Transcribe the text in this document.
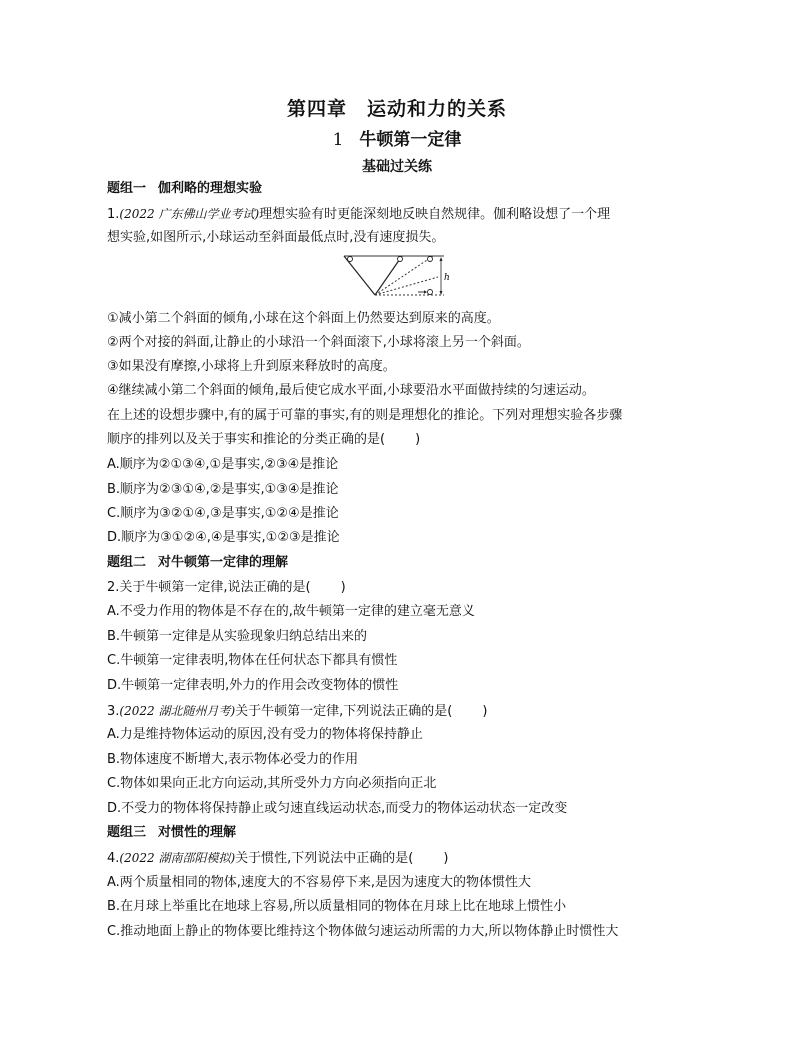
第四章 运动和力的关系
1 牛顿第一定律
基础过关练
题组一 伽利略的理想实验
1.(2022 广东佛山学业考试)理想实验有时更能深刻地反映自然规律。伽利略设想了一个理
想实验,如图所示,小球运动至斜面最低点时,没有速度损失。
h
①减小第二个斜面的倾角,小球在这个斜面上仍然要达到原来的高度。
②两个对接的斜面,让静止的小球沿一个斜面滚下,小球将滚上另一个斜面。
③如果没有摩擦,小球将上升到原来释放时的高度。
④继续减小第二个斜面的倾角,最后使它成水平面,小球要沿水平面做持续的匀速运动。
在上述的设想步骤中,有的属于可靠的事实,有的则是理想化的推论。下列对理想实验各步骤
顺序的排列以及关于事实和推论的分类正确的是( )
A.顺序为②①③④,①是事实,②③④是推论
B.顺序为②③①④,②是事实,①③④是推论
C.顺序为③②①④,③是事实,①②④是推论
D.顺序为③①②④,④是事实,①②③是推论
题组二 对牛顿第一定律的理解
2.关于牛顿第一定律,说法正确的是( )
A.不受力作用的物体是不存在的,故牛顿第一定律的建立毫无意义
B.牛顿第一定律是从实验现象归纳总结出来的
C.牛顿第一定律表明,物体在任何状态下都具有惯性
D.牛顿第一定律表明,外力的作用会改变物体的惯性
3.(2022 湖北随州月考)关于牛顿第一定律,下列说法正确的是( )
A.力是维持物体运动的原因,没有受力的物体将保持静止
B.物体速度不断增大,表示物体必受力的作用
C.物体如果向正北方向运动,其所受外力方向必须指向正北
D.不受力的物体将保持静止或匀速直线运动状态,而受力的物体运动状态一定改变
题组三 对惯性的理解
4.(2022 湖南邵阳模拟)关于惯性,下列说法中正确的是( )
A.两个质量相同的物体,速度大的不容易停下来,是因为速度大的物体惯性大
B.在月球上举重比在地球上容易,所以质量相同的物体在月球上比在地球上惯性小
C.推动地面上静止的物体要比维持这个物体做匀速运动所需的力大,所以物体静止时惯性大
